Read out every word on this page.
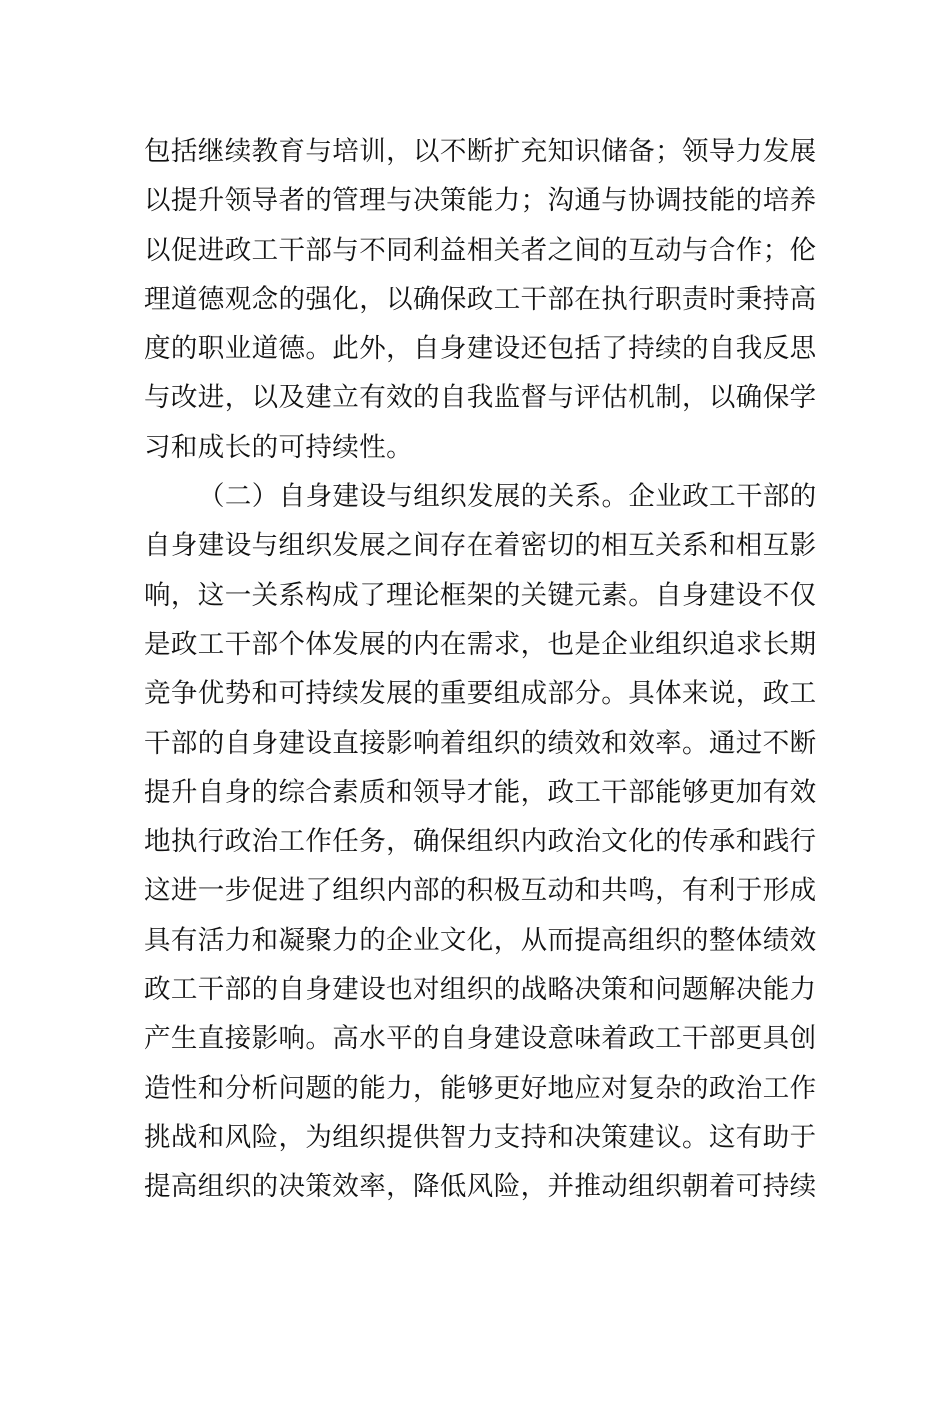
包括继续教育与培训，以不断扩充知识储备；领导力发展
以提升领导者的管理与决策能力；沟通与协调技能的培养
以促进政工干部与不同利益相关者之间的互动与合作；伦
理道德观念的强化，以确保政工干部在执行职责时秉持高
度的职业道德。此外，自身建设还包括了持续的自我反思
与改进，以及建立有效的自我监督与评估机制，以确保学
习和成长的可持续性。
（二）自身建设与组织发展的关系。企业政工干部的
自身建设与组织发展之间存在着密切的相互关系和相互影
响，这一关系构成了理论框架的关键元素。自身建设不仅
是政工干部个体发展的内在需求，也是企业组织追求长期
竞争优势和可持续发展的重要组成部分。具体来说，政工
干部的自身建设直接影响着组织的绩效和效率。通过不断
提升自身的综合素质和领导才能，政工干部能够更加有效
地执行政治工作任务，确保组织内政治文化的传承和践行
这进一步促进了组织内部的积极互动和共鸣，有利于形成
具有活力和凝聚力的企业文化，从而提高组织的整体绩效
政工干部的自身建设也对组织的战略决策和问题解决能力
产生直接影响。高水平的自身建设意味着政工干部更具创
造性和分析问题的能力，能够更好地应对复杂的政治工作
挑战和风险，为组织提供智力支持和决策建议。这有助于
提高组织的决策效率，降低风险，并推动组织朝着可持续
